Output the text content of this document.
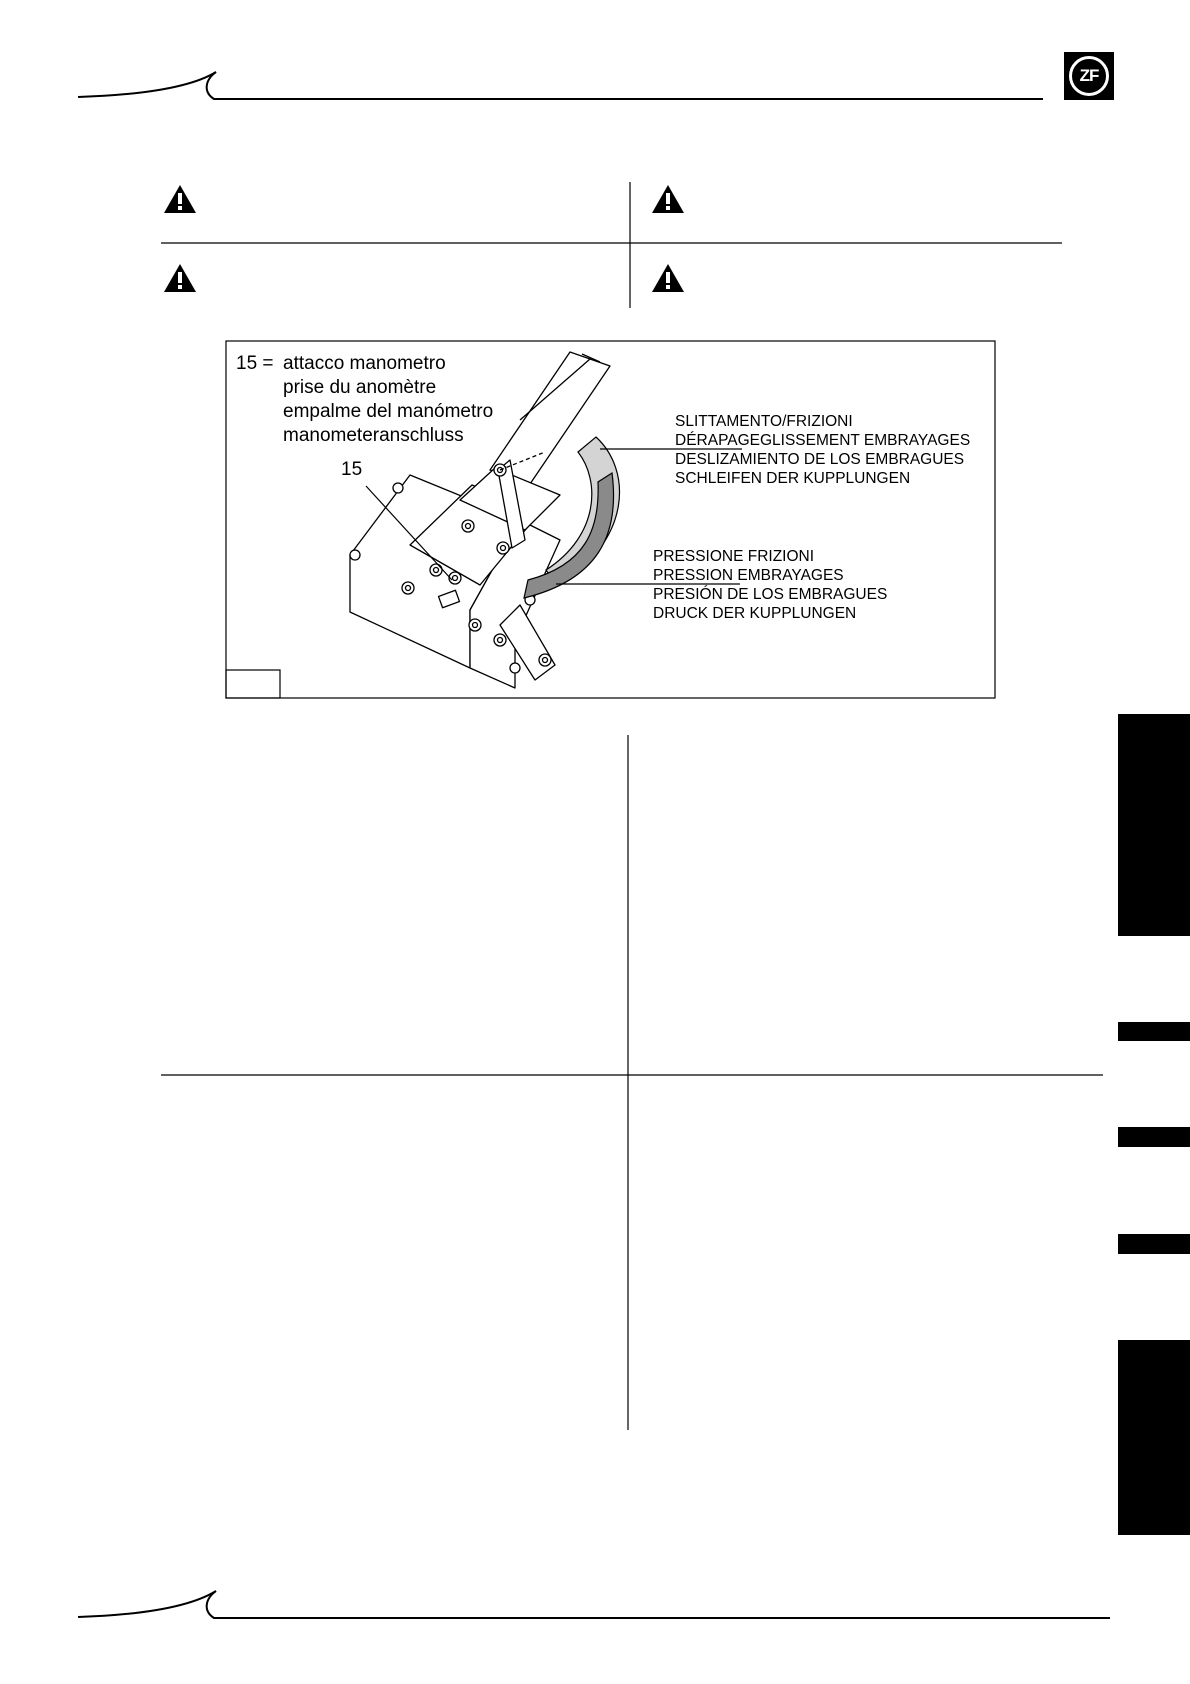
ZF
15 = attacco manometro
prise du anomètre
empalme del manómetro
manometeranschluss
15
SLITTAMENTO/FRIZIONI
DÉRAPAGEGLISSEMENT EMBRAYAGES
DESLIZAMIENTO DE LOS EMBRAGUES
SCHLEIFEN DER KUPPLUNGEN
PRESSIONE FRIZIONI
PRESSION EMBRAYAGES
PRESIÓN DE LOS EMBRAGUES
DRUCK DER KUPPLUNGEN
